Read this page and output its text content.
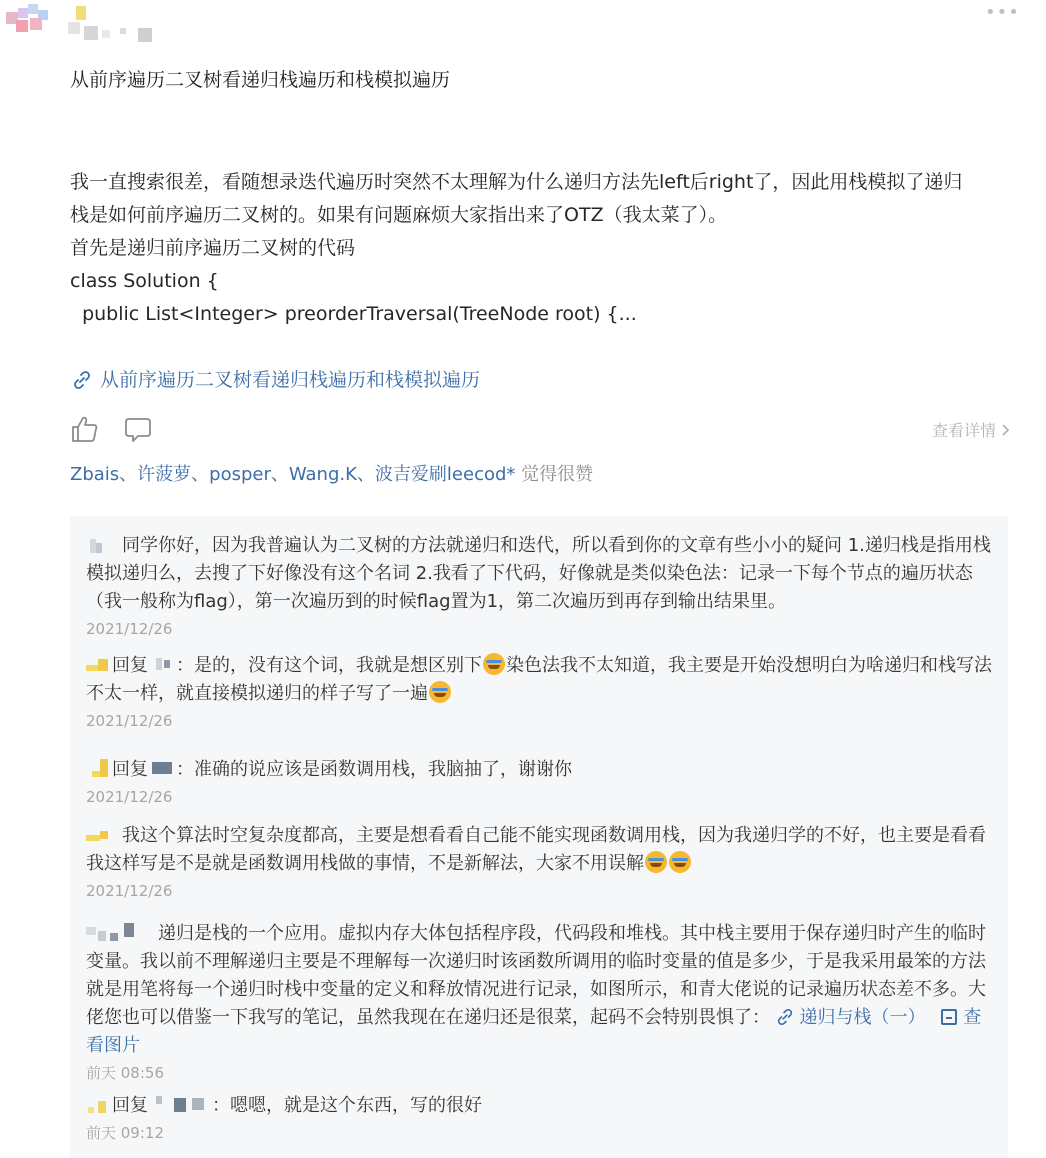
•••
从前序遍历二叉树看递归栈遍历和栈模拟遍历
我一直搜索很差，看随想录迭代遍历时突然不太理解为什么递归方法先left后right了，因此用栈模拟了递归
栈是如何前序遍历二叉树的。如果有问题麻烦大家指出来了OTZ（我太菜了）。
首先是递归前序遍历二叉树的代码
class Solution {
public List<Integer> preorderTraversal(TreeNode root) {...
从前序遍历二叉树看递归栈遍历和栈模拟遍历
查看详情
Zbais、许菠萝、posper、Wang.K、波吉爱刷leecod* 觉得很赞
同学你好，因为我普遍认为二叉树的方法就递归和迭代，所以看到你的文章有些小小的疑问 1.递归栈是指用栈模拟递归么，去搜了下好像没有这个名词 2.我看了下代码，好像就是类似染色法：记录一下每个节点的遍历状态（我一般称为flag），第一次遍历到的时候flag置为1，第二次遍历到再存到输出结果里。
2021/12/26
回复 ：是的，没有这个词，我就是想区别下 染色法我不太知道，我主要是开始没想明白为啥递归和栈写法不太一样，就直接模拟递归的样子写了一遍
2021/12/26
回复 ：准确的说应该是函数调用栈，我脑抽了，谢谢你
2021/12/26
我这个算法时空复杂度都高，主要是想看看自己能不能实现函数调用栈，因为我递归学的不好，也主要是看看我这样写是不是就是函数调用栈做的事情，不是新解法，大家不用误解
2021/12/26
递归是栈的一个应用。虚拟内存大体包括程序段，代码段和堆栈。其中栈主要用于保存递归时产生的临时变量。我以前不理解递归主要是不理解每一次递归时该函数所调用的临时变量的值是多少，于是我采用最笨的方法就是用笔将每一个递归时栈中变量的定义和释放情况进行记录，如图所示，和青大佬说的记录遍历状态差不多。大佬您也可以借鉴一下我写的笔记，虽然我现在在递归还是很菜，起码不会特别畏惧了： 递归与栈（一） 查看图片
前天 08:56
回复	：嗯嗯，就是这个东西，写的很好
前天 09:12
